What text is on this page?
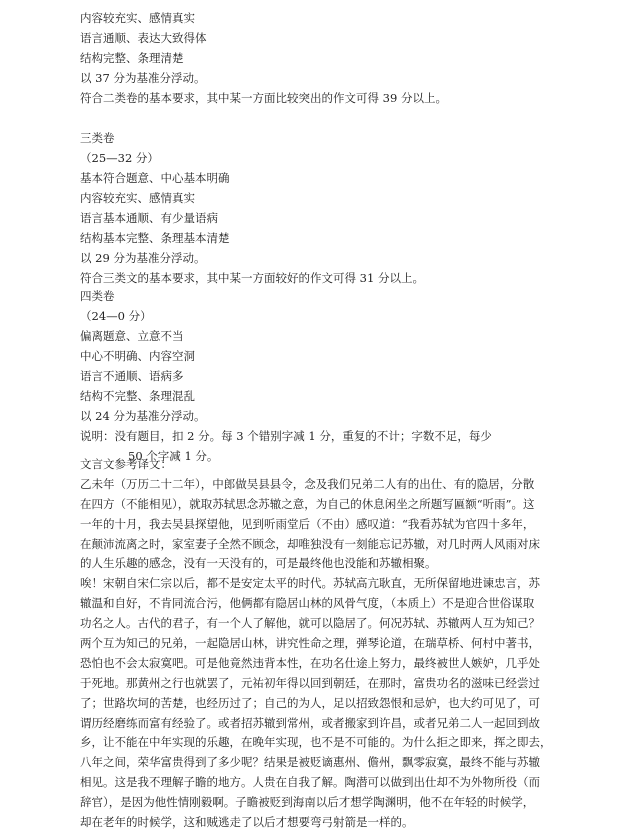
内容较充实、感情真实
语言通顺、表达大致得体
结构完整、条理清楚
以 37 分为基准分浮动。
符合二类卷的基本要求，其中某一方面比较突出的作文可得 39 分以上。
三类卷
（25—32 分）
基本符合题意、中心基本明确
内容较充实、感情真实
语言基本通顺、有少量语病
结构基本完整、条理基本清楚
以 29 分为基准分浮动。
符合三类文的基本要求，其中某一方面较好的作文可得 31 分以上。
四类卷
（24—0 分）
偏离题意、立意不当
中心不明确、内容空洞
语言不通顺、语病多
结构不完整、条理混乱
以 24 分为基准分浮动。
说明：没有题目，扣 2 分。每 3 个错别字减 1 分，重复的不计；字数不足，每少
50 个字减 1 分。
文言文参考译文：
乙未年（万历二十二年），中郎做吴县县令，念及我们兄弟二人有的出仕、有的隐居，分散
在四方（不能相见），就取苏轼思念苏辙之意，为自己的休息闲坐之所题写匾额“听雨”。这
一年的十月，我去吴县探望他，见到听雨堂后（不由）感叹道：“我看苏轼为官四十多年，
在颠沛流离之时，家室妻子全然不顾念，却唯独没有一刻能忘记苏辙，对几时两人风雨对床
的人生乐趣的感念，没有一天没有的，可是最终他也没能和苏辙相聚。
唉！宋朝自宋仁宗以后，都不是安定太平的时代。苏轼高亢耿直，无所保留地进谏忠言，苏
辙温和自好，不肯同流合污，他俩都有隐居山林的风骨气度，（本质上）不是迎合世俗谋取
功名之人。古代的君子，有一个人了解他，就可以隐居了。何况苏轼、苏辙两人互为知己？
两个互为知己的兄弟，一起隐居山林，讲究性命之理，弹琴论道，在瑞草桥、何村中著书，
恐怕也不会太寂寞吧。可是他竟然违背本性，在功名仕途上努力，最终被世人嫉妒，几乎处
于死地。那黄州之行也就罢了，元祐初年得以回到朝廷，在那时，富贵功名的滋味已经尝过
了；世路坎坷的苦楚，也经历过了；自己的为人，足以招致怨恨和忌妒，也大约可见了，可
谓历经磨练而富有经验了。或者招苏辙到常州，或者搬家到许昌，或者兄弟二人一起回到故
乡，让不能在中年实现的乐趣，在晚年实现，也不是不可能的。为什么拒之即来，挥之即去，
八年之间，荣华富贵得到了多少呢？结果是被贬谪惠州、儋州，飘零寂寞，最终不能与苏辙
相见。这是我不理解子瞻的地方。人贵在自我了解。陶潜可以做到出仕却不为外物所役（而
辞官），是因为他性情刚毅啊。子瞻被贬到海南以后才想学陶渊明，他不在年轻的时候学，
却在老年的时候学，这和贼逃走了以后才想要弯弓射箭是一样的。
